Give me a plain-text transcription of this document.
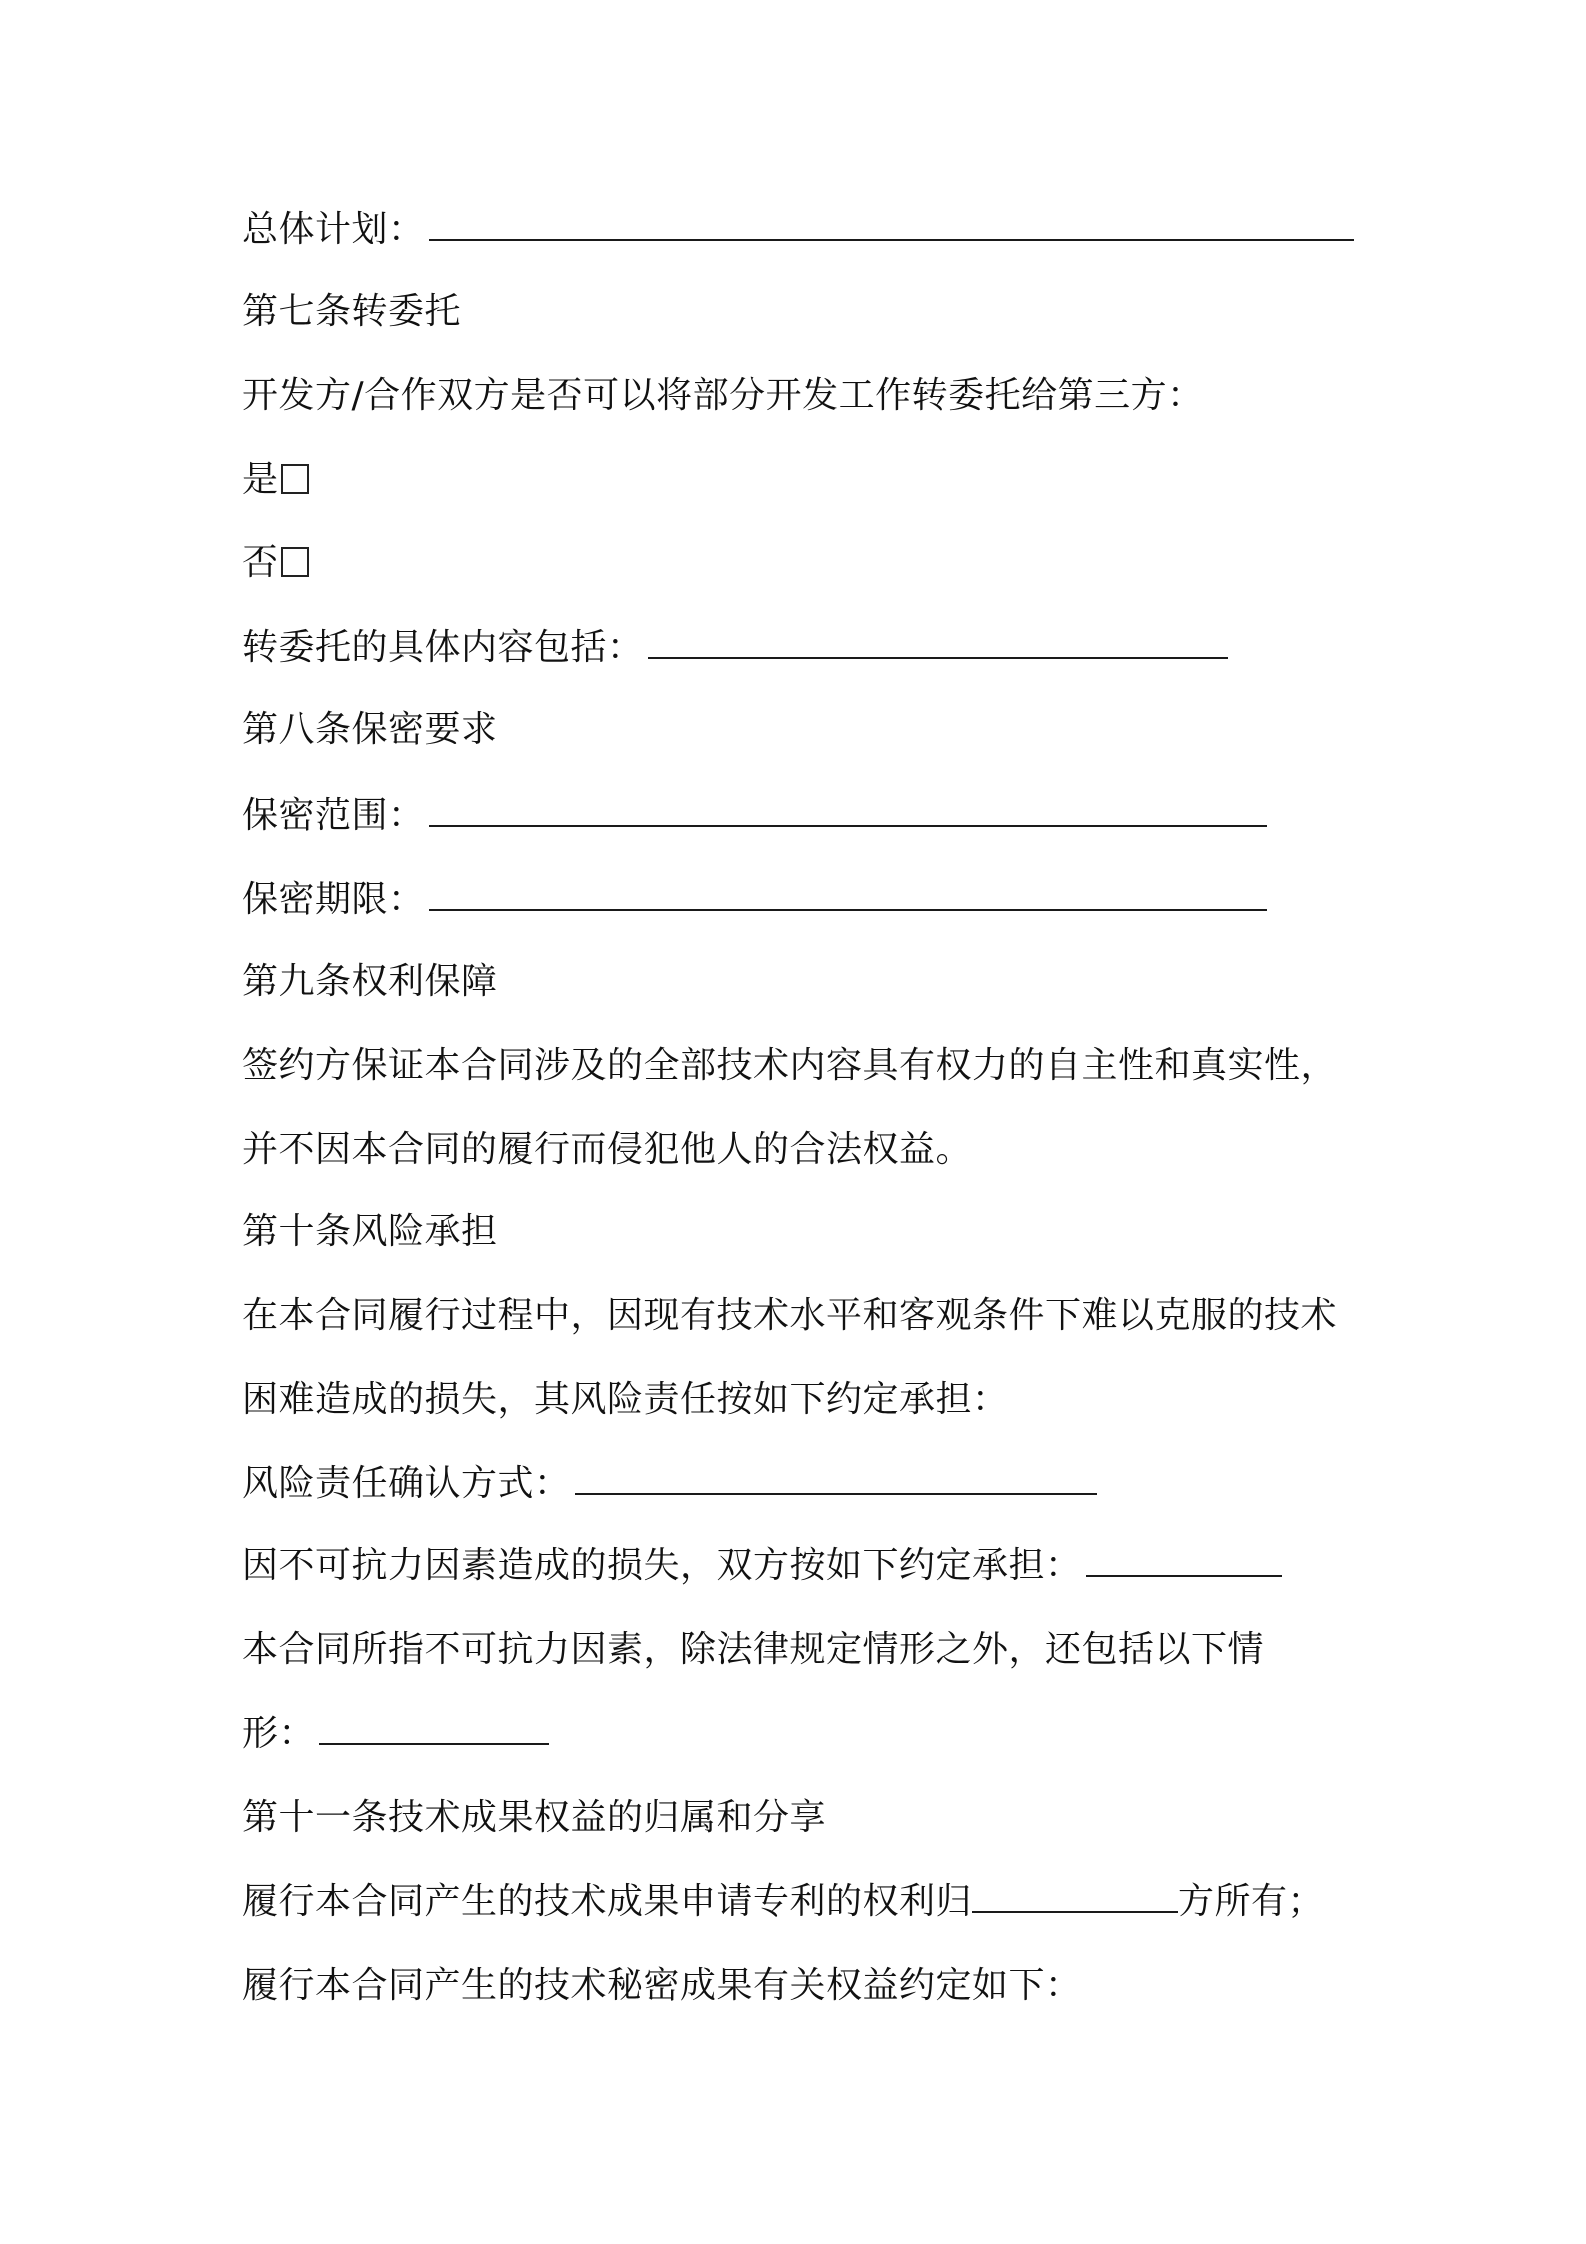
总体计划：
第七条转委托
开发方/合作双方是否可以将部分开发工作转委托给第三方：
是
否
转委托的具体内容包括：
第八条保密要求
保密范围：
保密期限：
第九条权利保障
签约方保证本合同涉及的全部技术内容具有权力的自主性和真实性，
并不因本合同的履行而侵犯他人的合法权益。
第十条风险承担
在本合同履行过程中，因现有技术水平和客观条件下难以克服的技术
困难造成的损失，其风险责任按如下约定承担：
风险责任确认方式：
因不可抗力因素造成的损失，双方按如下约定承担：
本合同所指不可抗力因素，除法律规定情形之外，还包括以下情
形：
第十一条技术成果权益的归属和分享
履行本合同产生的技术成果申请专利的权利归	方所有；
履行本合同产生的技术秘密成果有关权益约定如下：
